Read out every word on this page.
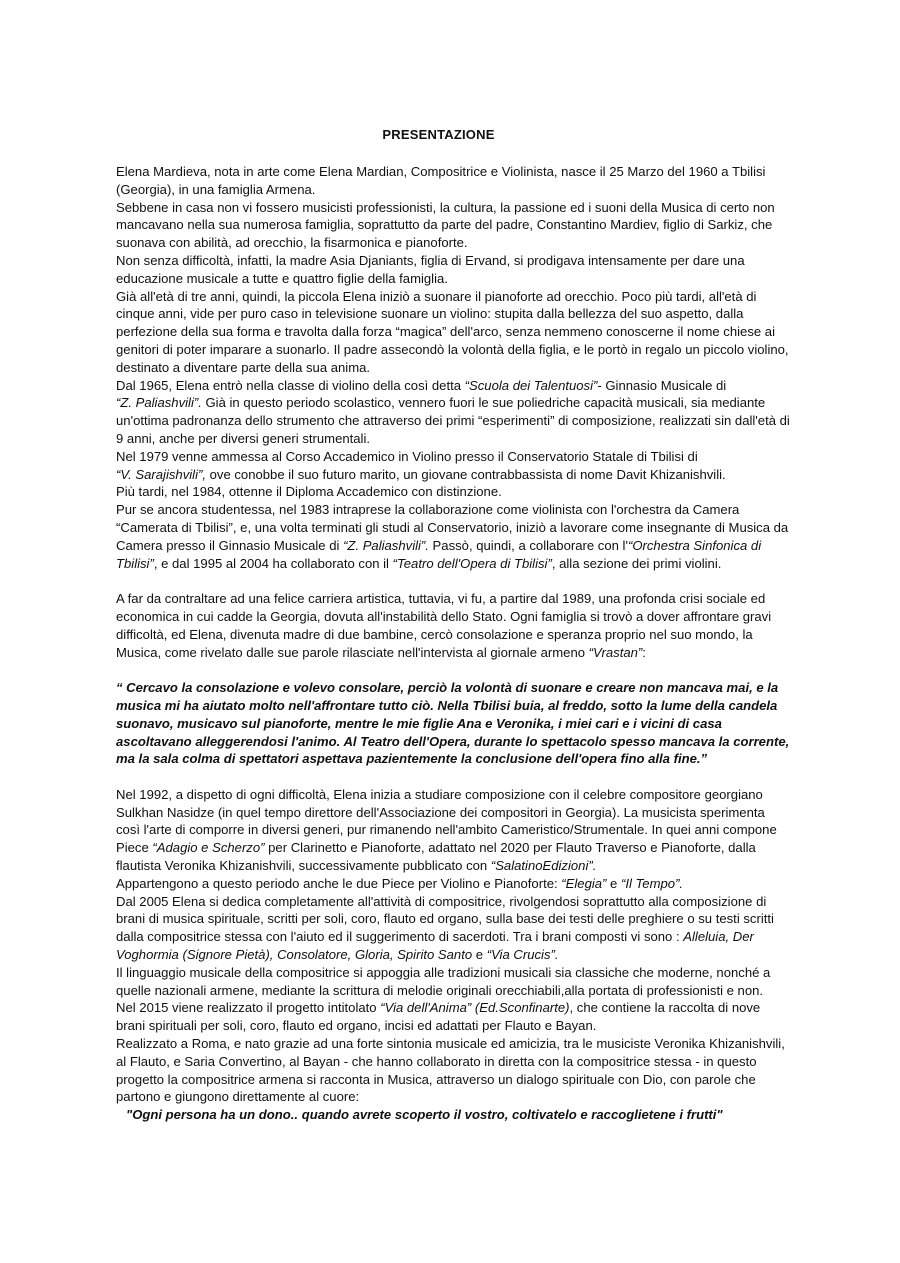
PRESENTAZIONE

Elena Mardieva, nota in arte come Elena Mardian, Compositrice e Violinista, nasce il 25 Marzo del 1960 a Tbilisi (Georgia), in una famiglia Armena.

Sebbene in casa non vi fossero musicisti professionisti, la cultura, la passione ed i suoni della Musica di certo non mancavano nella sua numerosa famiglia, soprattutto da parte del padre, Constantino Mardiev, figlio di Sarkiz, che suonava con abilità, ad orecchio, la fisarmonica e pianoforte.

Non senza difficoltà, infatti, la madre Asia Djaniants, figlia di Ervand, si prodigava intensamente per dare una educazione musicale a tutte e quattro figlie della famiglia.

Già all'età di tre anni, quindi, la piccola Elena iniziò a suonare il pianoforte ad orecchio. Poco più tardi, all'età di cinque anni, vide per puro caso in televisione suonare un violino: stupita dalla bellezza del suo aspetto, dalla perfezione della sua forma e travolta dalla forza “magica” dell'arco, senza nemmeno conoscerne il nome chiese ai genitori di poter imparare a suonarlo. Il padre assecondò la volontà della figlia, e le portò in regalo un piccolo violino, destinato a diventare parte della sua anima.

Dal 1965, Elena entrò nella classe di violino della così detta “Scuola dei Talentuosi”- Ginnasio Musicale di
“Z. Paliashvili”. Già in questo periodo scolastico, vennero fuori le sue poliedriche capacità musicali, sia mediante un'ottima padronanza dello strumento che attraverso dei primi “esperimenti” di composizione, realizzati sin dall'età di 9 anni, anche per diversi generi strumentali.

Nel 1979 venne ammessa al Corso Accademico in Violino presso il Conservatorio Statale di Tbilisi di
“V. Sarajishvili”, ove conobbe il suo futuro marito, un giovane contrabbassista di nome Davit Khizanishvili.

Più tardi, nel 1984, ottenne il Diploma Accademico con distinzione.

Pur se ancora studentessa, nel 1983 intraprese la collaborazione come violinista con l'orchestra da Camera “Camerata di Tbilisi”, e, una volta terminati gli studi al Conservatorio, iniziò a lavorare come insegnante di Musica da Camera presso il Ginnasio Musicale di “Z. Paliashvili”. Passò, quindi, a collaborare con l'“Orchestra Sinfonica di Tbilisi”, e dal 1995 al 2004 ha collaborato con il “Teatro dell'Opera di Tbilisi”, alla sezione dei primi violini.

A far da contraltare ad una felice carriera artistica, tuttavia, vi fu, a partire dal 1989, una profonda crisi sociale ed economica in cui cadde la Georgia, dovuta all'instabilità dello Stato. Ogni famiglia si trovò a dover affrontare gravi difficoltà, ed Elena, divenuta madre di due bambine, cercò consolazione e speranza proprio nel suo mondo, la Musica, come rivelato dalle sue parole rilasciate nell'intervista al giornale armeno “Vrastan”:

“ Cercavo la consolazione e volevo consolare, perciò la volontà di suonare e creare non mancava mai, e la musica mi ha aiutato molto nell'affrontare tutto ciò. Nella Tbilisi buia, al freddo, sotto la lume della candela suonavo, musicavo sul pianoforte, mentre le mie figlie Ana e Veronika, i miei cari e i vicini di casa ascoltavano alleggerendosi l'animo. Al Teatro dell'Opera, durante lo spettacolo spesso mancava la corrente, ma la sala colma di spettatori aspettava pazientemente la conclusione dell'opera fino alla fine.”

Nel 1992, a dispetto di ogni difficoltà, Elena inizia a studiare composizione con il celebre compositore georgiano Sulkhan Nasidze (in quel tempo direttore dell'Associazione dei compositori in Georgia). La musicista sperimenta così l'arte di comporre in diversi generi, pur rimanendo nell'ambito Cameristico/Strumentale. In quei anni compone Piece “Adagio e Scherzo” per Clarinetto e Pianoforte, adattato nel 2020 per Flauto Traverso e Pianoforte, dalla flautista Veronika Khizanishvili, successivamente pubblicato con “SalatinoEdizioni”.

Appartengono a questo periodo anche le due Piece per Violino e Pianoforte: “Elegia” e “Il Tempo”.

Dal 2005 Elena si dedica completamente all'attività di compositrice, rivolgendosi soprattutto alla composizione di brani di musica spirituale, scritti per soli, coro, flauto ed organo, sulla base dei testi delle preghiere o su testi scritti dalla compositrice stessa con l'aiuto ed il suggerimento di sacerdoti. Tra i brani composti vi sono : Alleluia, Der Voghormia (Signore Pietà), Consolatore, Gloria, Spirito Santo e “Via Crucis”.

Il linguaggio musicale della compositrice si appoggia alle tradizioni musicali sia classiche che moderne, nonché a quelle nazionali armene, mediante la scrittura di melodie originali orecchiabili,alla portata di professionisti e non.

Nel 2015 viene realizzato il progetto intitolato “Via dell'Anima” (Ed.Sconfinarte), che contiene la raccolta di nove brani spirituali per soli, coro, flauto ed organo, incisi ed adattati per Flauto e Bayan.

Realizzato a Roma, e nato grazie ad una forte sintonia musicale ed amicizia, tra le musiciste Veronika Khizanishvili, al Flauto, e Saria Convertino, al Bayan - che hanno collaborato in diretta con la compositrice stessa - in questo progetto la compositrice armena si racconta in Musica, attraverso un dialogo spirituale con Dio, con parole che partono e giungono direttamente al cuore:

"Ogni persona ha un dono.. quando avrete scoperto il vostro, coltivatelo e raccoglietene i frutti"
